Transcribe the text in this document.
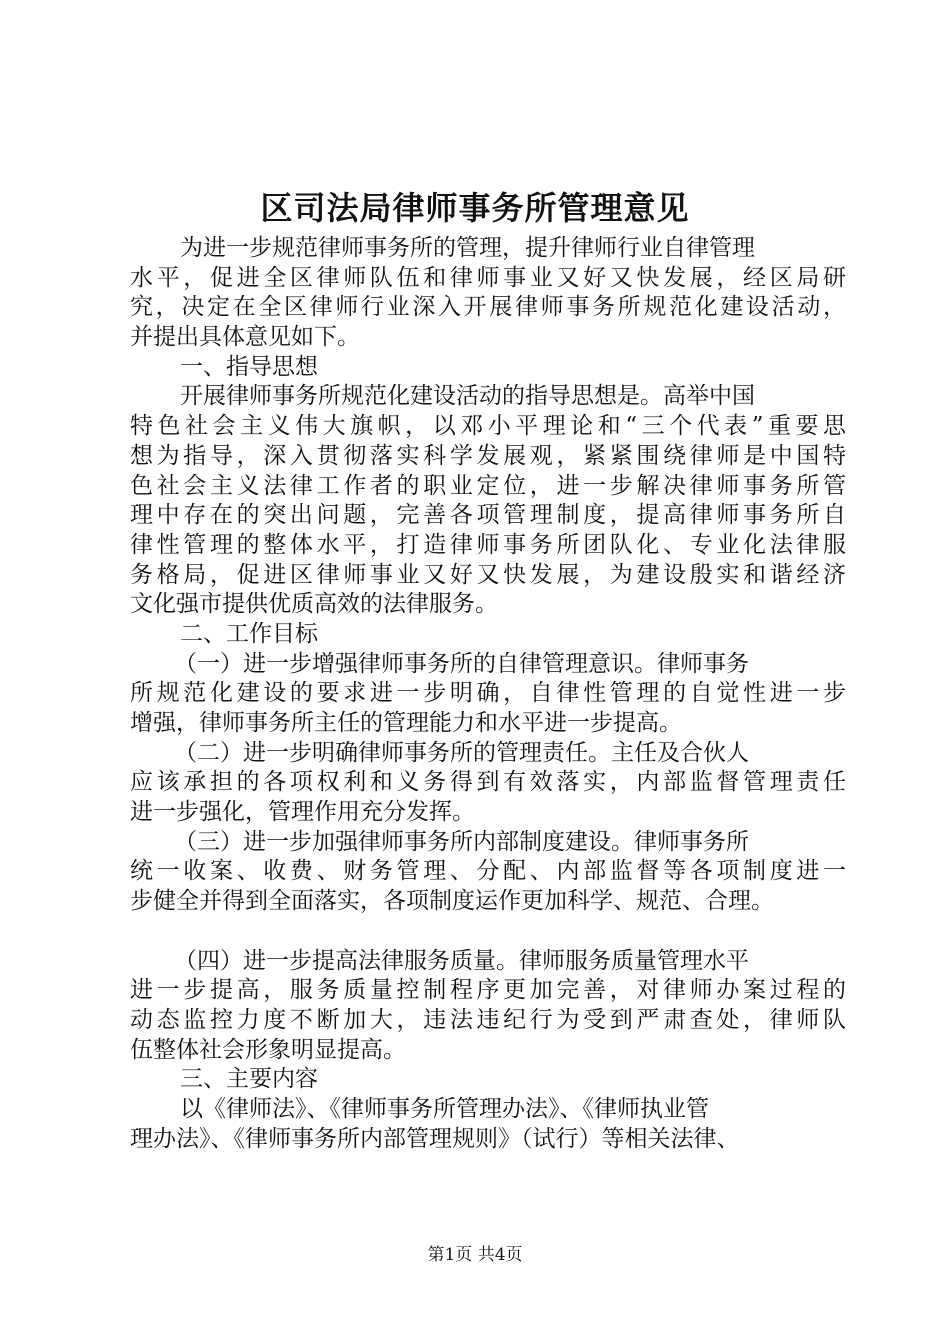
区司法局律师事务所管理意见
为进一步规范律师事务所的管理，提升律师行业自律管理
水平，促进全区律师队伍和律师事业又好又快发展，经区局研
究，决定在全区律师行业深入开展律师事务所规范化建设活动，
并提出具体意见如下。
一、指导思想
开展律师事务所规范化建设活动的指导思想是。高举中国
特色社会主义伟大旗帜，以邓小平理论和“三个代表”重要思
想为指导，深入贯彻落实科学发展观，紧紧围绕律师是中国特
色社会主义法律工作者的职业定位，进一步解决律师事务所管
理中存在的突出问题，完善各项管理制度，提高律师事务所自
律性管理的整体水平，打造律师事务所团队化、专业化法律服
务格局，促进区律师事业又好又快发展，为建设殷实和谐经济
文化强市提供优质高效的法律服务。
二、工作目标
（一）进一步增强律师事务所的自律管理意识。律师事务
所规范化建设的要求进一步明确，自律性管理的自觉性进一步
增强，律师事务所主任的管理能力和水平进一步提高。
（二）进一步明确律师事务所的管理责任。主任及合伙人
应该承担的各项权利和义务得到有效落实，内部监督管理责任
进一步强化，管理作用充分发挥。
（三）进一步加强律师事务所内部制度建设。律师事务所
统一收案、收费、财务管理、分配、内部监督等各项制度进一
步健全并得到全面落实，各项制度运作更加科学、规范、合理。
（四）进一步提高法律服务质量。律师服务质量管理水平
进一步提高，服务质量控制程序更加完善，对律师办案过程的
动态监控力度不断加大，违法违纪行为受到严肃查处，律师队
伍整体社会形象明显提高。
三、主要内容
以《律师法》、《律师事务所管理办法》、《律师执业管
理办法》、《律师事务所内部管理规则》（试行）等相关法律、
第1页 共4页
